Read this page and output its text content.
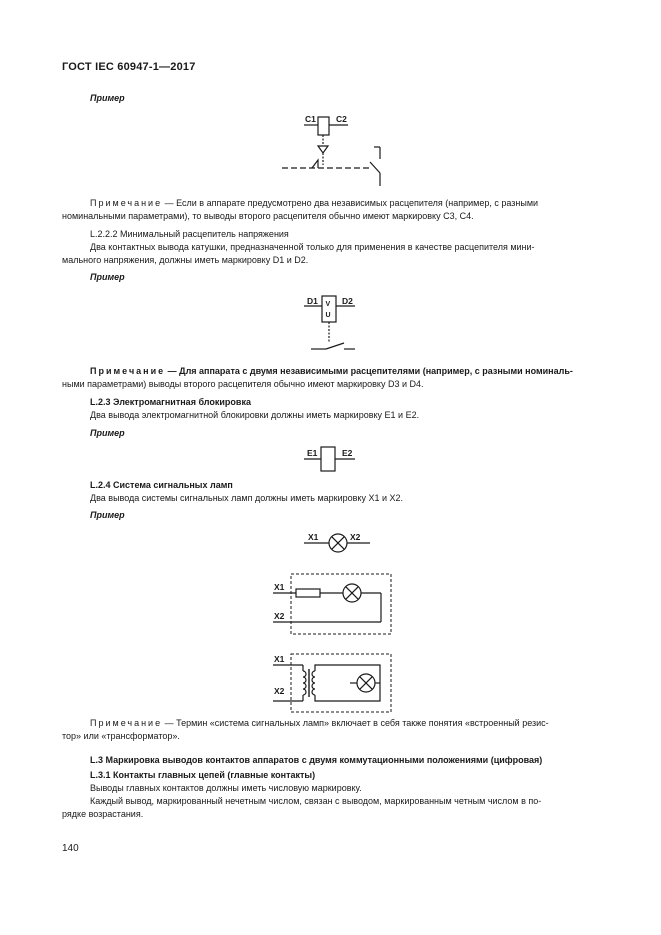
ГОСТ IEC 60947-1—2017
Пример
C1 C2
Примечание — Если в аппарате предусмотрено два независимых расцепителя (например, с разными
номинальными параметрами), то выводы второго расцепителя обычно имеют маркировку С3, С4.
L.2.2.2 Минимальный расцепитель напряжения
Два контактных вывода катушки, предназначенной только для применения в качестве расцепителя мини-
мального напряжения, должны иметь маркировку D1 и D2.
Пример
D1	D2
V
U
Примечание — Для аппарата с двумя независимыми расцепителями (например, с разными номиналь-
ными параметрами) выводы второго расцепителя обычно имеют маркировку D3 и D4.
L.2.3 Электромагнитная блокировка
Два вывода электромагнитной блокировки должны иметь маркировку Е1 и Е2.
Пример
E1	E2
L.2.4 Система сигнальных ламп
Два вывода системы сигнальных ламп должны иметь маркировку Х1 и Х2.
Пример
X1	X2
X1
X2
X1
X2
Примечание — Термин «система сигнальных ламп» включает в себя также понятия «встроенный резис-
тор» или «трансформатор».
L.3 Маркировка выводов контактов аппаратов с двумя коммутационными положениями (цифровая)
L.3.1 Контакты главных цепей (главные контакты)
Выводы главных контактов должны иметь числовую маркировку.
Каждый вывод, маркированный нечетным числом, связан с выводом, маркированным четным числом в по-
рядке возрастания.
140
